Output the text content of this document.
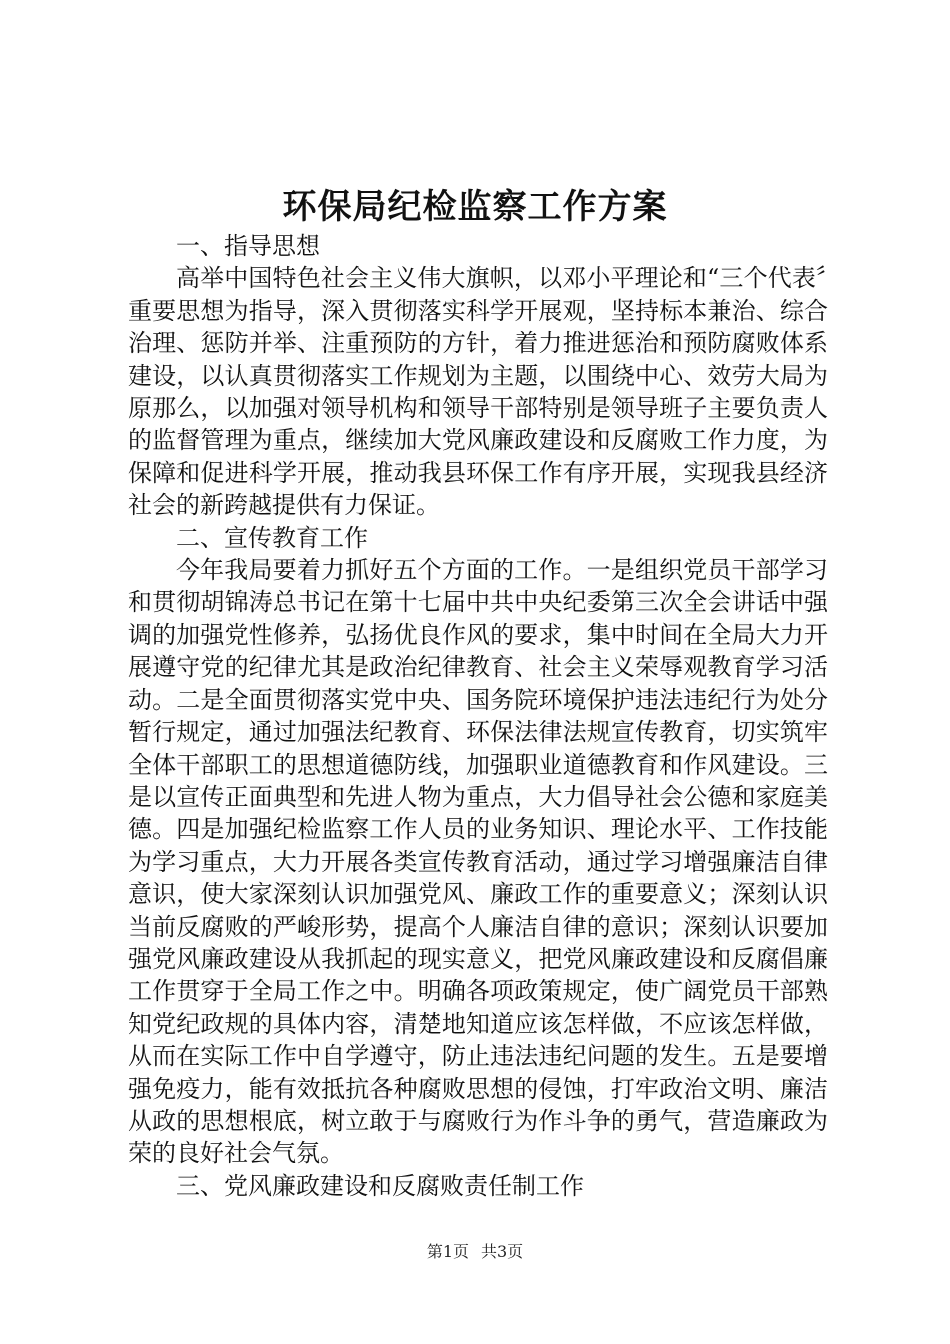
环保局纪检监察工作方案

一、指导思想

高举中国特色社会主义伟大旗帜，以邓小平理论和“三个代表〞重要思想为指导，深入贯彻落实科学开展观，坚持标本兼治、综合治理、惩防并举、注重预防的方针，着力推进惩治和预防腐败体系建设，以认真贯彻落实工作规划为主题，以围绕中心、效劳大局为原那么，以加强对领导机构和领导干部特别是领导班子主要负责人的监督管理为重点，继续加大党风廉政建设和反腐败工作力度，为保障和促进科学开展，推动我县环保工作有序开展，实现我县经济社会的新跨越提供有力保证。

二、宣传教育工作

今年我局要着力抓好五个方面的工作。一是组织党员干部学习和贯彻胡锦涛总书记在第十七届中共中央纪委第三次全会讲话中强调的加强党性修养，弘扬优良作风的要求，集中时间在全局大力开展遵守党的纪律尤其是政治纪律教育、社会主义荣辱观教育学习活动。二是全面贯彻落实党中央、国务院环境保护违法违纪行为处分暂行规定，通过加强法纪教育、环保法律法规宣传教育，切实筑牢全体干部职工的思想道德防线，加强职业道德教育和作风建设。三是以宣传正面典型和先进人物为重点，大力倡导社会公德和家庭美德。四是加强纪检监察工作人员的业务知识、理论水平、工作技能为学习重点，大力开展各类宣传教育活动，通过学习增强廉洁自律意识，使大家深刻认识加强党风、廉政工作的重要意义；深刻认识当前反腐败的严峻形势，提高个人廉洁自律的意识；深刻认识要加强党风廉政建设从我抓起的现实意义，把党风廉政建设和反腐倡廉工作贯穿于全局工作之中。明确各项政策规定，使广阔党员干部熟知党纪政规的具体内容，清楚地知道应该怎样做，不应该怎样做，从而在实际工作中自学遵守，防止违法违纪问题的发生。五是要增强免疫力，能有效抵抗各种腐败思想的侵蚀，打牢政治文明、廉洁从政的思想根底，树立敢于与腐败行为作斗争的勇气，营造廉政为荣的良好社会气氛。

三、党风廉政建设和反腐败责任制工作

第1页 共3页
